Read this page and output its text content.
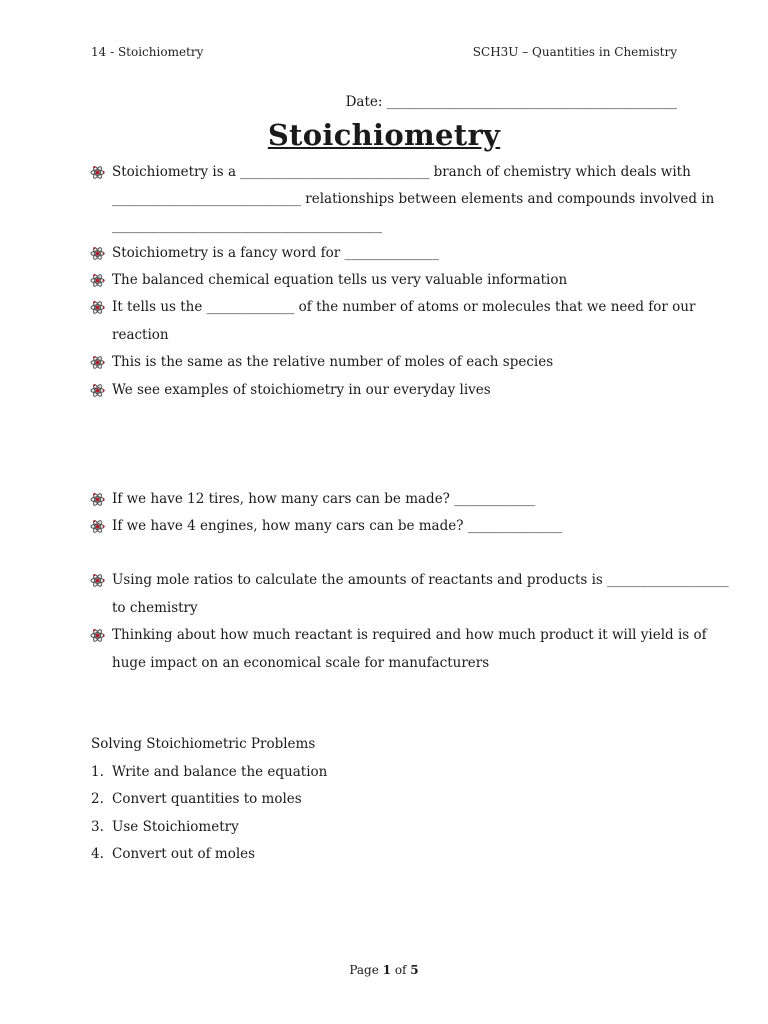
14 - Stoichiometry	SCH3U – Quantities in Chemistry
Date: ___________________________________________
Stoichiometry
Stoichiometry is a ____________________________ branch of chemistry which deals with
____________________________ relationships between elements and compounds involved in
________________________________________
Stoichiometry is a fancy word for ______________
The balanced chemical equation tells us very valuable information
It tells us the _____________ of the number of atoms or molecules that we need for our
reaction
This is the same as the relative number of moles of each species
We see examples of stoichiometry in our everyday lives
If we have 12 tires, how many cars can be made? ____________
If we have 4 engines, how many cars can be made? ______________
Using mole ratios to calculate the amounts of reactants and products is __________________
to chemistry
Thinking about how much reactant is required and how much product it will yield is of
huge impact on an economical scale for manufacturers
Solving Stoichiometric Problems
1. Write and balance the equation
2. Convert quantities to moles
3. Use Stoichiometry
4. Convert out of moles
Page 1 of 5
